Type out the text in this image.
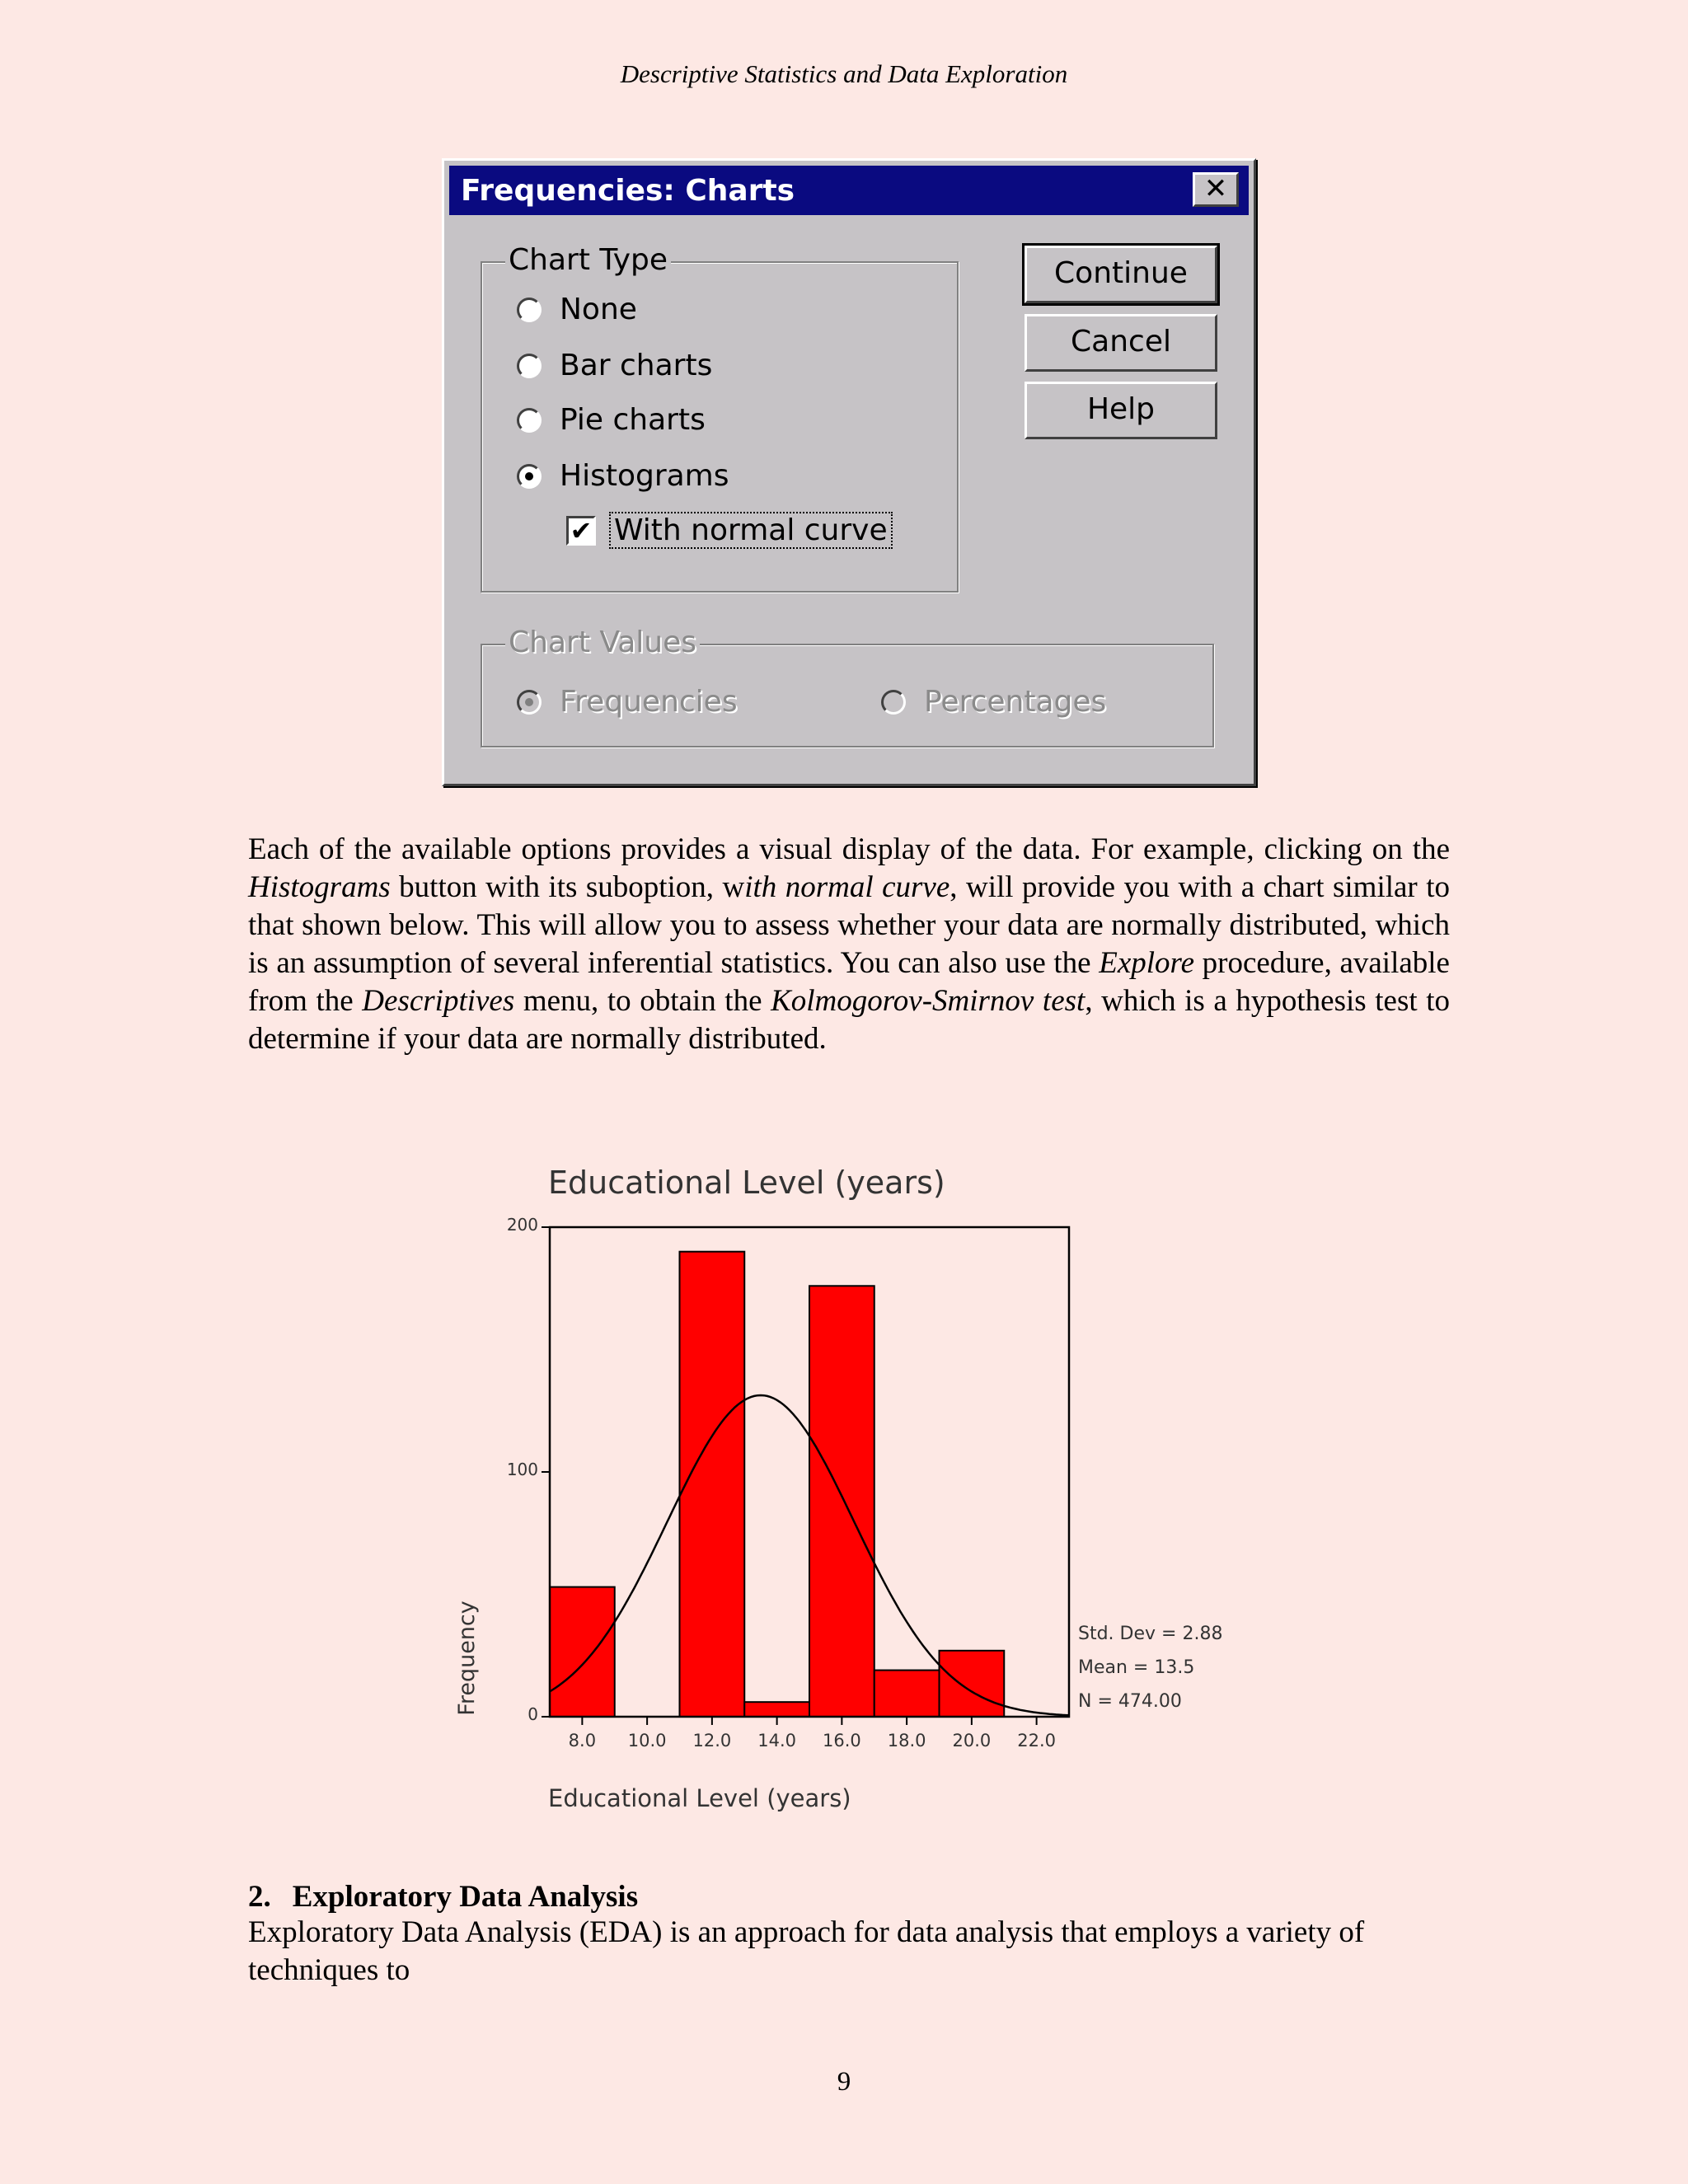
Descriptive Statistics and Data Exploration
Frequencies: Charts	✕
Chart Type
None
Bar charts
Pie charts
Histograms
✔ With normal curve
Continue
Cancel
Help
Chart Values
Frequencies	Percentages

Each of the available options provides a visual display of the data. For example, clicking on the Histograms button with its suboption, with normal curve, will provide you with a chart similar to that shown below. This will allow you to assess whether your data are normally distributed, which is an assumption of several inferential statistics. You can also use the Explore procedure, available from the Descriptives menu, to obtain the Kolmogorov-Smirnov test, which is a hypothesis test to determine if your data are normally distributed.

Educational Level (years)
0
100
200
8.0 10.0 12.0 14.0 16.0 18.0 20.0 22.0
Frequency
Educational Level (years)
Std. Dev = 2.88
Mean = 13.5
N = 474.00
2. Exploratory Data Analysis

Exploratory Data Analysis (EDA) is an approach for data analysis that employs a variety of techniques to

9
